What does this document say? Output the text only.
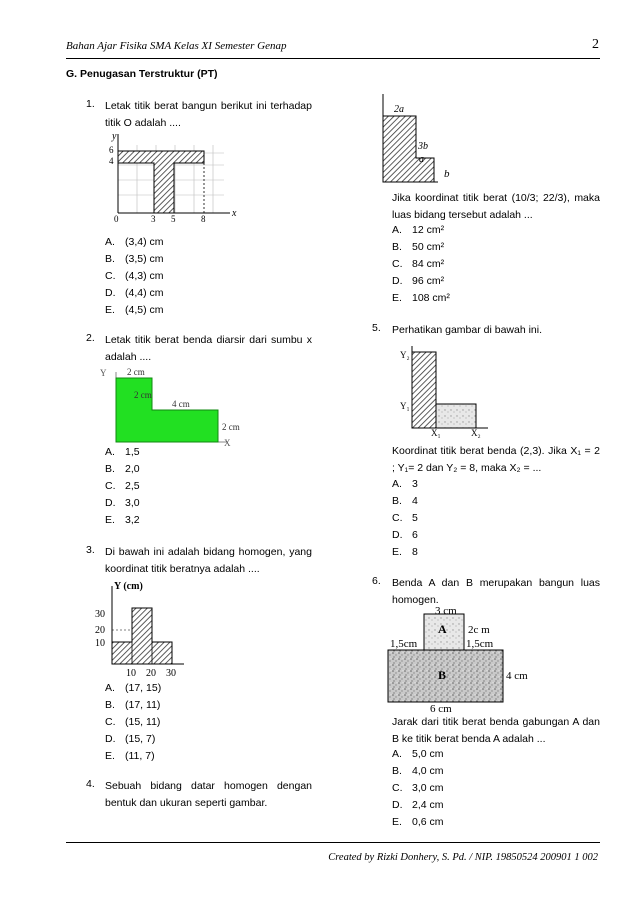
Bahan Ajar Fisika SMA Kelas XI Semester Genap	2
G. Penugasan Terstruktur (PT)
1. Letak titik berat bangun berikut ini terhadap titik O adalah ....
y
x
6
4
0	3 5	8
A. (3,4) cm
B. (3,5) cm
C. (4,3) cm
D. (4,4) cm
E. (4,5) cm
2. Letak titik berat benda diarsir dari sumbu x adalah ....
Y
X
2 cm
2 cm
4 cm
2 cm
A. 1,5
B. 2,0
C. 2,5
D. 3,0
E. 3,2
3. Di bawah ini adalah bidang homogen, yang koordinat titik beratnya adalah ....
Y (cm)
30
20
10
10 20 30
A. (17, 15)
B. (17, 11)
C. (15, 11)
D. (15, 7)
E. (11, 7)
4. Sebuah bidang datar homogen dengan bentuk dan ukuran seperti gambar.
2a
3b
a
b
Jika koordinat titik berat (10/3; 22/3), maka luas bidang tersebut adalah ...
A. 12 cm²
B. 50 cm²
C. 84 cm²
D. 96 cm²
E. 108 cm²
5. Perhatikan gambar di bawah ini.
Y₂
Y₁
X₁	X₂
Koordinat titik berat benda (2,3). Jika X₁ = 2 ; Y₁= 2 dan Y₂ = 8, maka X₂ = ...
A. 3
B. 4
C. 5
D. 6
E. 8
6. Benda A dan B merupakan bangun luas homogen.
3 cm
A 2c m
1,5cm	1,5cm
B	4 cm
6 cm
Jarak dari titik berat benda gabungan A dan B ke titik berat benda A adalah ...
A. 5,0 cm
B. 4,0 cm
C. 3,0 cm
D. 2,4 cm
E. 0,6 cm
Created by Rizki Donhery, S. Pd. / NIP. 19850524 200901 1 002
